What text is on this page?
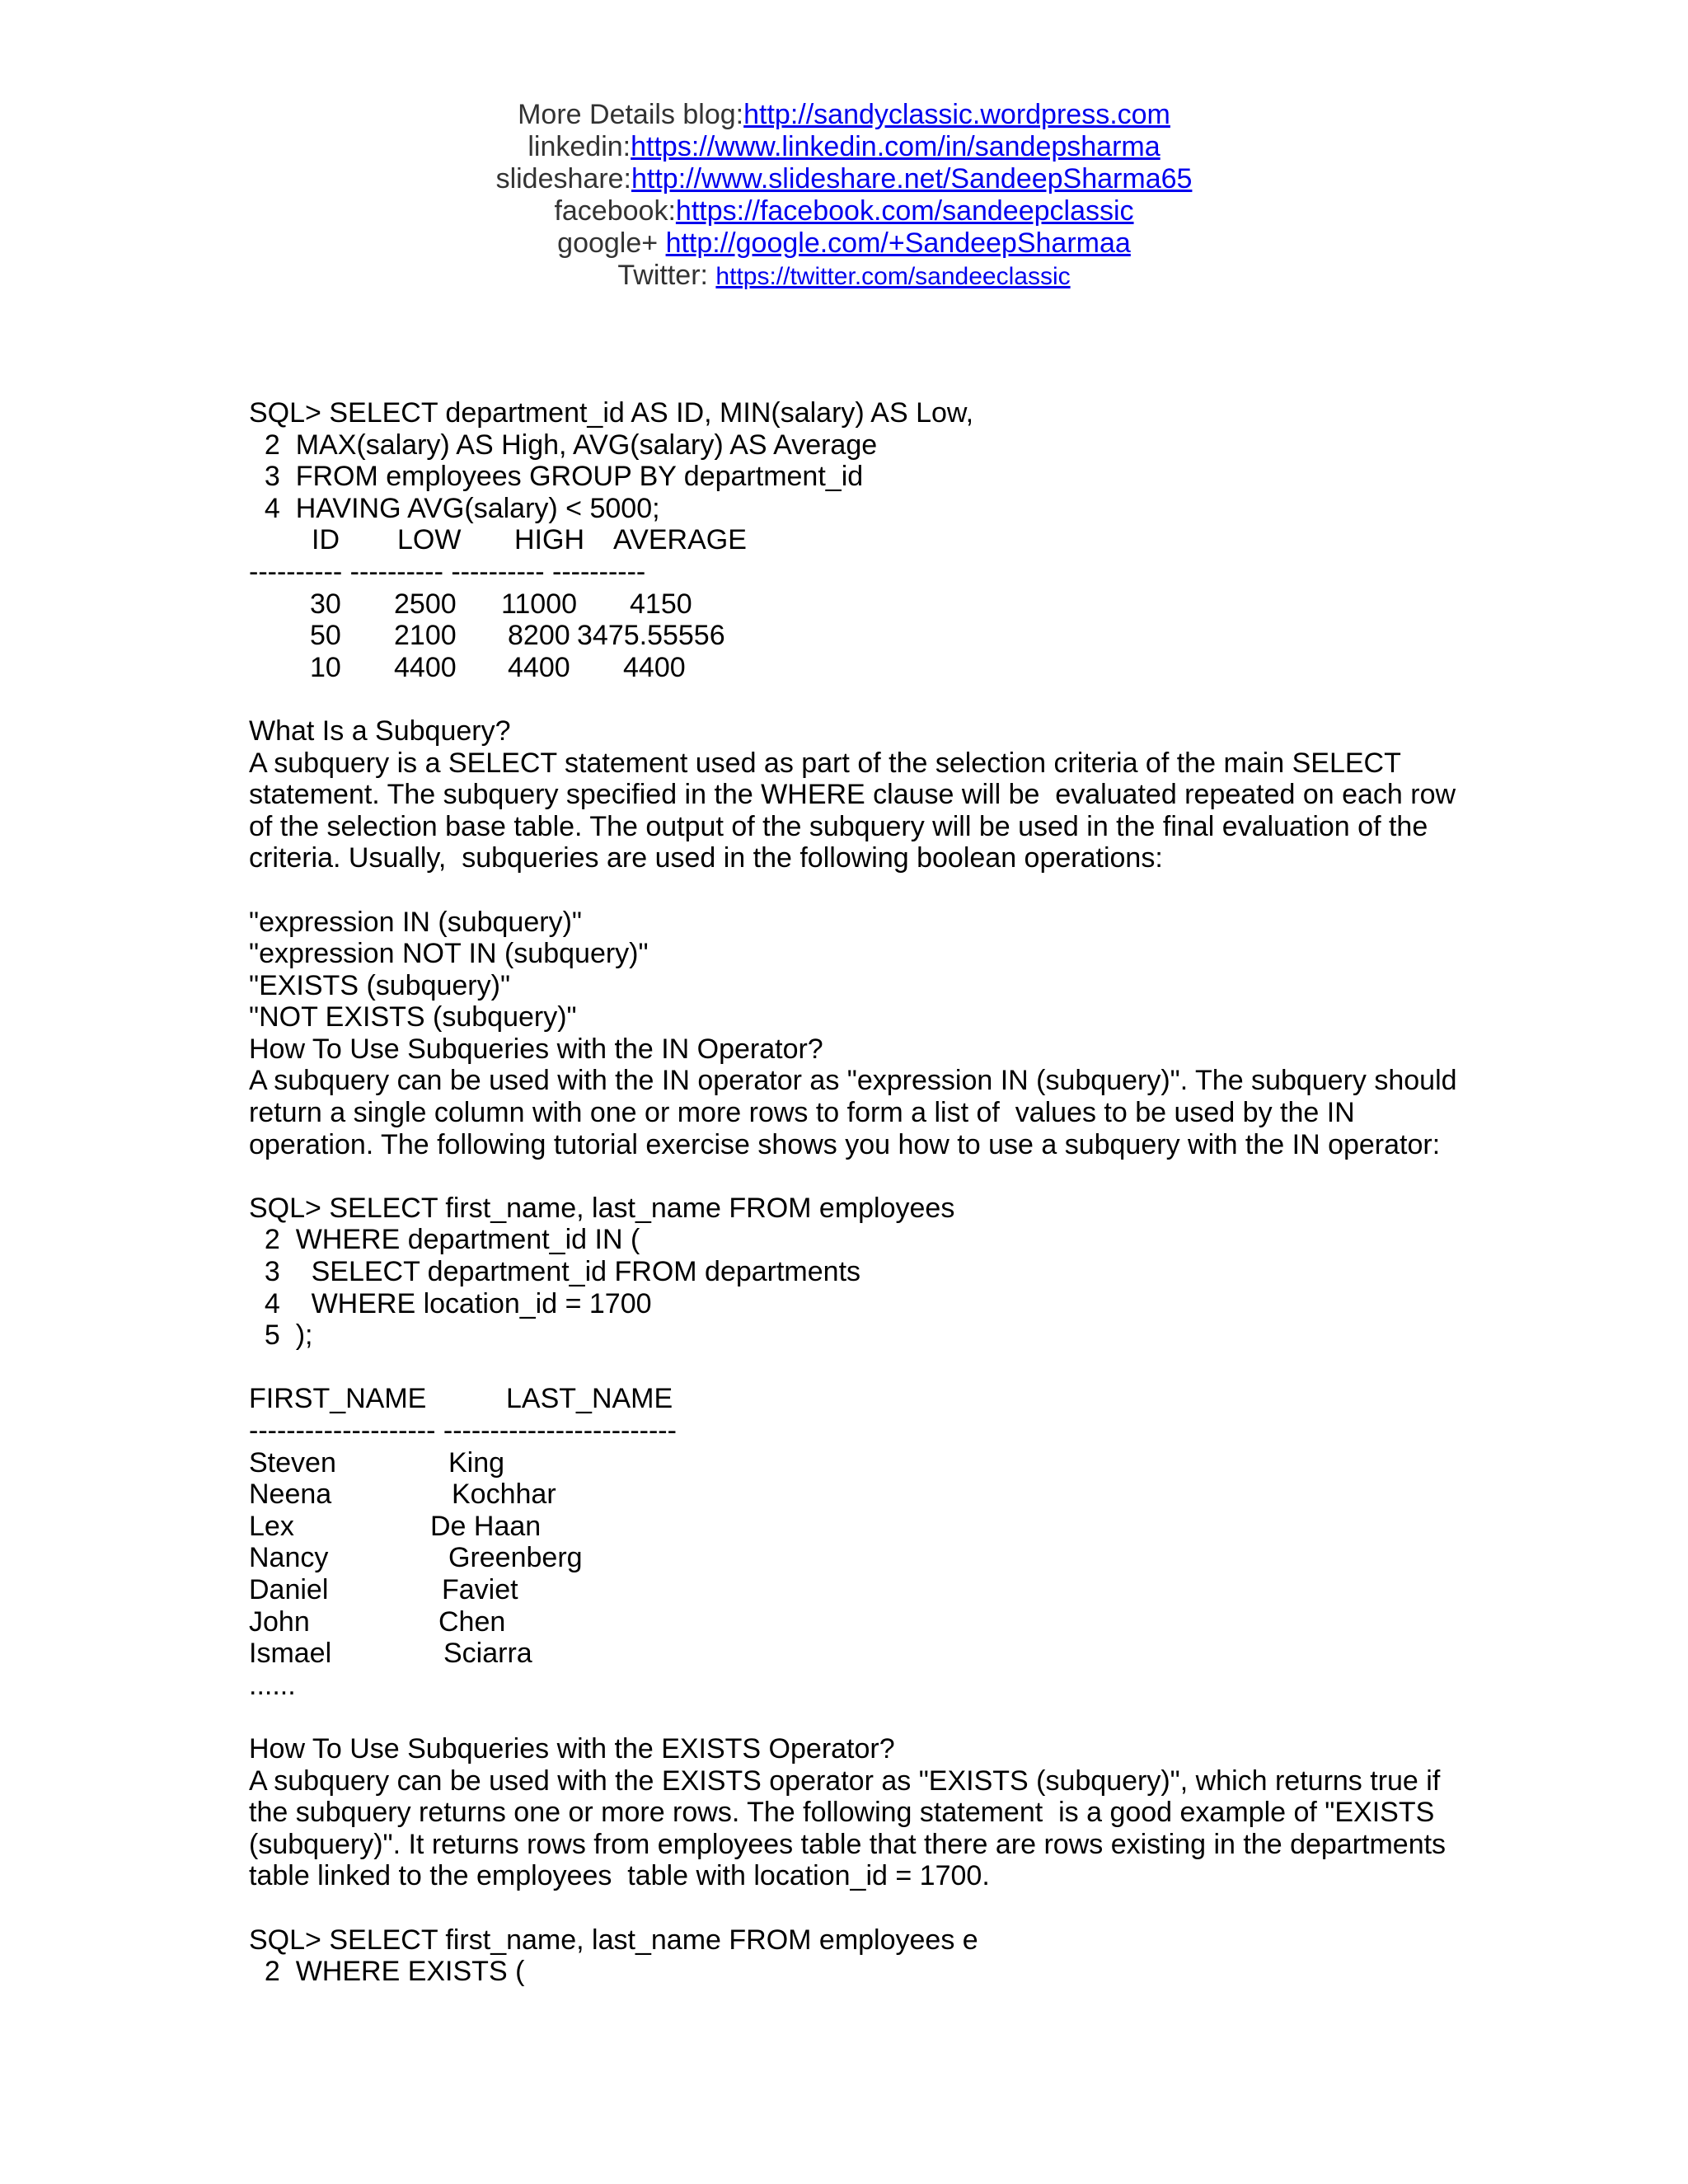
More Details blog:http://sandyclassic.wordpress.com
linkedin:https://www.linkedin.com/in/sandepsharma
slideshare:http://www.slideshare.net/SandeepSharma65
facebook:https://facebook.com/sandeepclassic
google+ http://google.com/+SandeepSharmaa
Twitter: https://twitter.com/sandeeclassic
SQL> SELECT department_id AS ID, MIN(salary) AS Low,
2  MAX(salary) AS High, AVG(salary) AS Average
3  FROM employees GROUP BY department_id
4  HAVING AVG(salary) < 5000;
ID LOW HIGH AVERAGE
---------- ---------- ---------- ----------
30 2500 11000 4150
50 2100 8200 3475.55556
10 4400 4400 4400
What Is a Subquery?
A subquery is a SELECT statement used as part of the selection criteria of the main SELECT
statement. The subquery specified in the WHERE clause will be  evaluated repeated on each row
of the selection base table. The output of the subquery will be used in the final evaluation of the
criteria. Usually,  subqueries are used in the following boolean operations:
"expression IN (subquery)"
"expression NOT IN (subquery)"
"EXISTS (subquery)"
"NOT EXISTS (subquery)"
How To Use Subqueries with the IN Operator?
A subquery can be used with the IN operator as "expression IN (subquery)". The subquery should
return a single column with one or more rows to form a list of  values to be used by the IN
operation. The following tutorial exercise shows you how to use a subquery with the IN operator:
SQL> SELECT first_name, last_name FROM employees
2  WHERE department_id IN (
3    SELECT department_id FROM departments
4    WHERE location_id = 1700
5  );
FIRST_NAME	LAST_NAME
-------------------- -------------------------
Steven	King
Neena	Kochhar
Lex	De Haan
Nancy	Greenberg
Daniel	Faviet
John	Chen
Ismael	Sciarra
......
How To Use Subqueries with the EXISTS Operator?
A subquery can be used with the EXISTS operator as "EXISTS (subquery)", which returns true if
the subquery returns one or more rows. The following statement  is a good example of "EXISTS
(subquery)". It returns rows from employees table that there are rows existing in the departments
table linked to the employees  table with location_id = 1700.
SQL> SELECT first_name, last_name FROM employees e
2  WHERE EXISTS (
